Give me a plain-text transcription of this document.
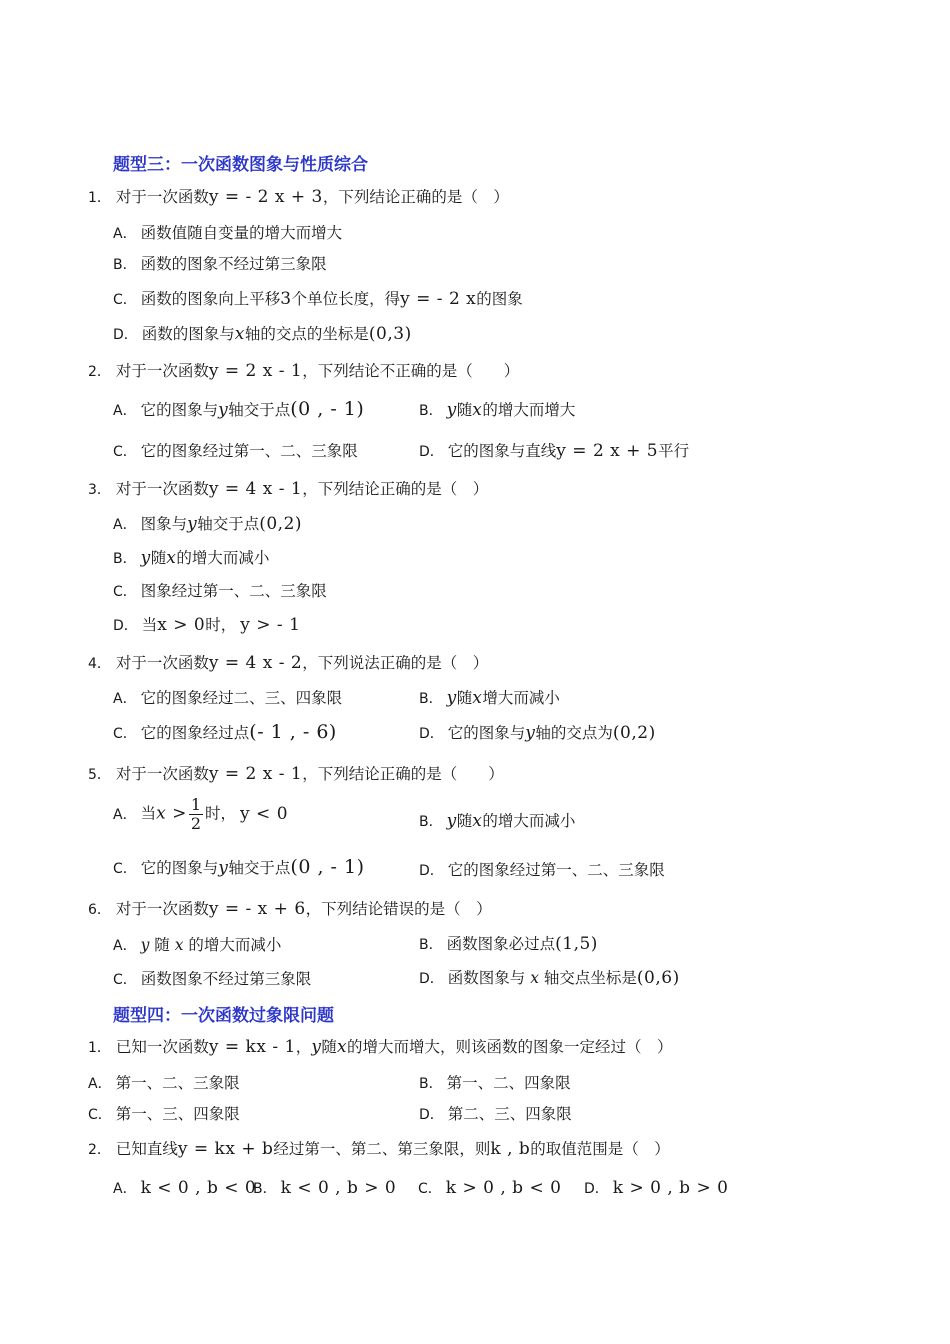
题型三：一次函数图象与性质综合
1． 对于一次函数y = - 2 x + 3，下列结论正确的是（　）
A． 函数值随自变量的增大而增大
B． 函数的图象不经过第三象限
C． 函数的图象向上平移3个单位长度，得y = - 2 x的图象
D． 函数的图象与x轴的交点的坐标是(0,3)
2． 对于一次函数y = 2 x - 1，下列结论不正确的是（　　）
A． 它的图象与y轴交于点(0 , - 1)	B． y随x的增大而增大
C． 它的图象经过第一、二、三象限	D． 它的图象与直线y = 2 x + 5平行
3． 对于一次函数y = 4 x - 1，下列结论正确的是（　）
A． 图象与y轴交于点(0,2)
B． y随x的增大而减小
C． 图象经过第一、二、三象限
D． 当x > 0时， y > - 1
4． 对于一次函数y = 4 x - 2，下列说法正确的是（　）
A． 它的图象经过二、三、四象限	B． y随x增大而减小
C． 它的图象经过点(- 1 , - 6)	D． 它的图象与y轴的交点为(0,2)
5． 对于一次函数y = 2 x - 1，下列结论正确的是（　　）
A． 当$x > \frac{1}{2}$ 时， y < 0	B． y随x的增大而减小
C． 它的图象与y轴交于点(0 , - 1)	D． 它的图象经过第一、二、三象限
6． 对于一次函数y = - x + 6，下列结论错误的是（　）
A． y 随 x 的增大而减小	B． 函数图象必过点(1,5)
C． 函数图象不经过第三象限	D． 函数图象与 x 轴交点坐标是(0,6)
题型四：一次函数过象限问题
1． 已知一次函数y = kx - 1，y随x的增大而增大，则该函数的图象一定经过（　）
A． 第一、二、三象限	B． 第一、二、四象限
C． 第一、三、四象限	D． 第二、三、四象限
2． 已知直线y = kx + b经过第一、第二、第三象限，则k , b的取值范围是（　）
A． k < 0 , b < 0
B． k < 0 , b > 0 C． k > 0 , b < 0 D． k > 0 , b > 0
